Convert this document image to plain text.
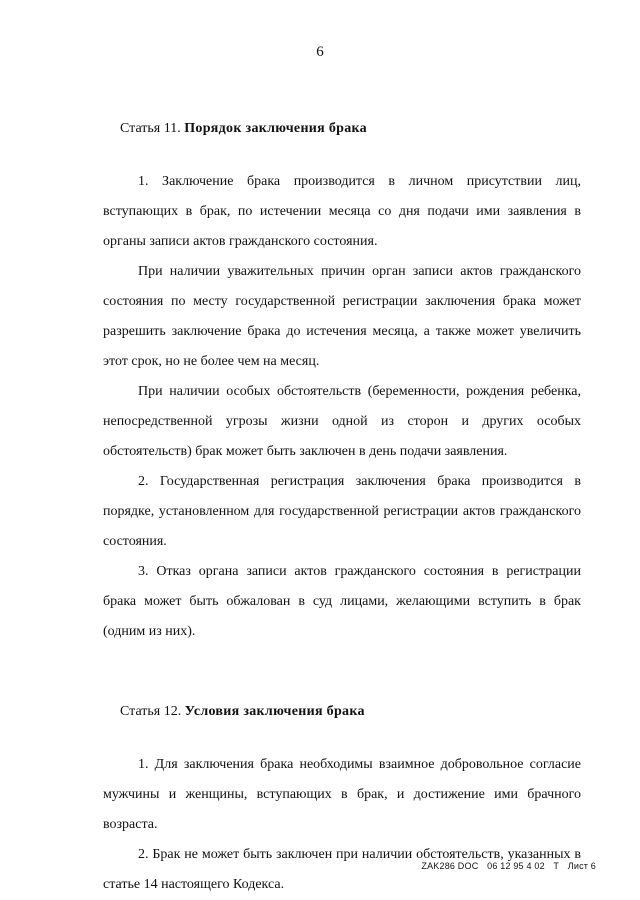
6
Статья 11. Порядок заключения брака

1. Заключение брака производится в личном присутствии лиц, вступающих в брак, по истечении месяца со дня подачи ими заявления в органы записи актов гражданского состояния.

При наличии уважительных причин орган записи актов гражданского состояния по месту государственной регистрации заключения брака может разрешить заключение брака до истечения месяца, а также может увеличить этот срок, но не более чем на месяц.

При наличии особых обстоятельств (беременности, рождения ребенка, непосредственной угрозы жизни одной из сторон и других особых обстоятельств) брак может быть заключен в день подачи заявления.

2. Государственная регистрация заключения брака производится в порядке, установленном для государственной регистрации актов гражданского состояния.

3. Отказ органа записи актов гражданского состояния в регистрации брака может быть обжалован в суд лицами, желающими вступить в брак (одним из них).

Статья 12. Условия заключения брака

1. Для заключения брака необходимы взаимное добровольное согласие мужчины и женщины, вступающих в брак, и достижение ими брачного возраста.

2. Брак не может быть заключен при наличии обстоятельств, указанных в статье 14 настоящего Кодекса.

ZAK286 DOC 06 12 95 4 02 T Лист 6
